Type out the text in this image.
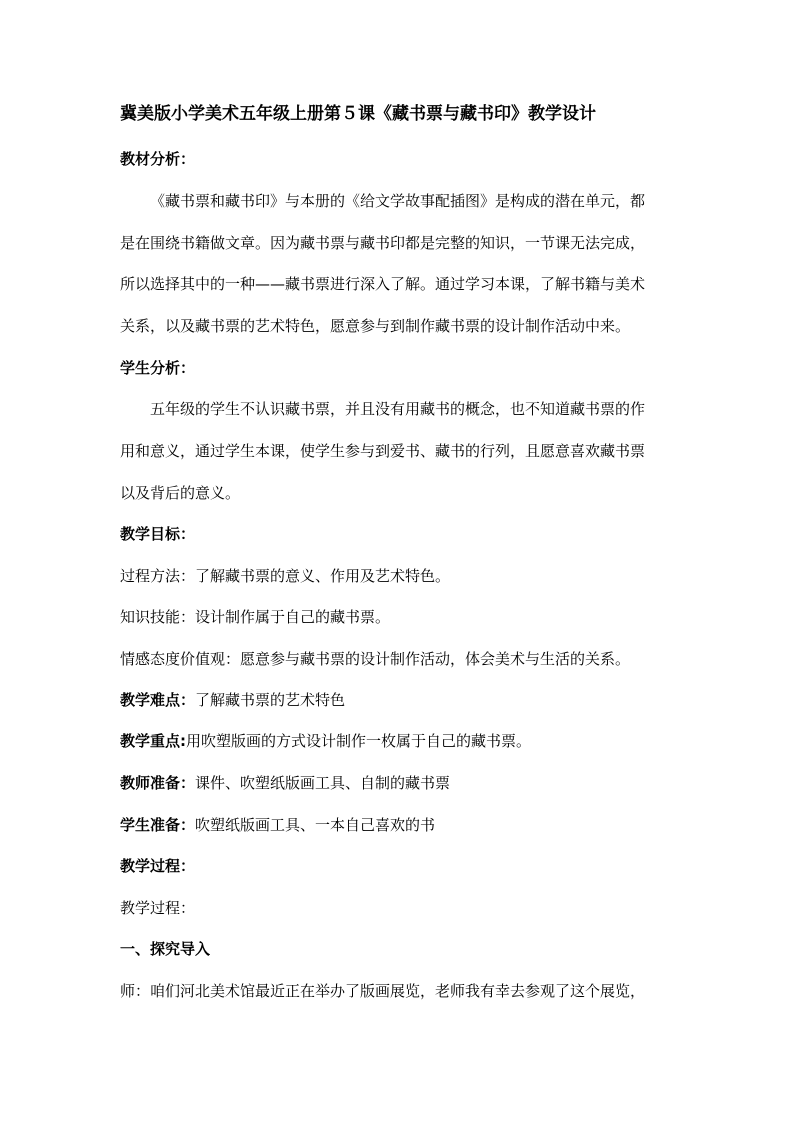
冀美版小学美术五年级上册第５课《藏书票与藏书印》教学设计
教材分析：
《藏书票和藏书印》与本册的《给文学故事配插图》是构成的潜在单元，都
是在围绕书籍做文章。因为藏书票与藏书印都是完整的知识，一节课无法完成，
所以选择其中的一种——藏书票进行深入了解。通过学习本课，了解书籍与美术
关系，以及藏书票的艺术特色，愿意参与到制作藏书票的设计制作活动中来。
学生分析：
五年级的学生不认识藏书票，并且没有用藏书的概念，也不知道藏书票的作
用和意义，通过学生本课，使学生参与到爱书、藏书的行列，且愿意喜欢藏书票
以及背后的意义。
教学目标：
过程方法：了解藏书票的意义、作用及艺术特色。
知识技能：设计制作属于自己的藏书票。
情感态度价值观：愿意参与藏书票的设计制作活动，体会美术与生活的关系。
教学难点：了解藏书票的艺术特色
教学重点:用吹塑版画的方式设计制作一枚属于自己的藏书票。
教师准备：课件、吹塑纸版画工具、自制的藏书票
学生准备：吹塑纸版画工具、一本自己喜欢的书
教学过程：
教学过程：
一、探究导入
师：咱们河北美术馆最近正在举办了版画展览，老师我有幸去参观了这个展览，
